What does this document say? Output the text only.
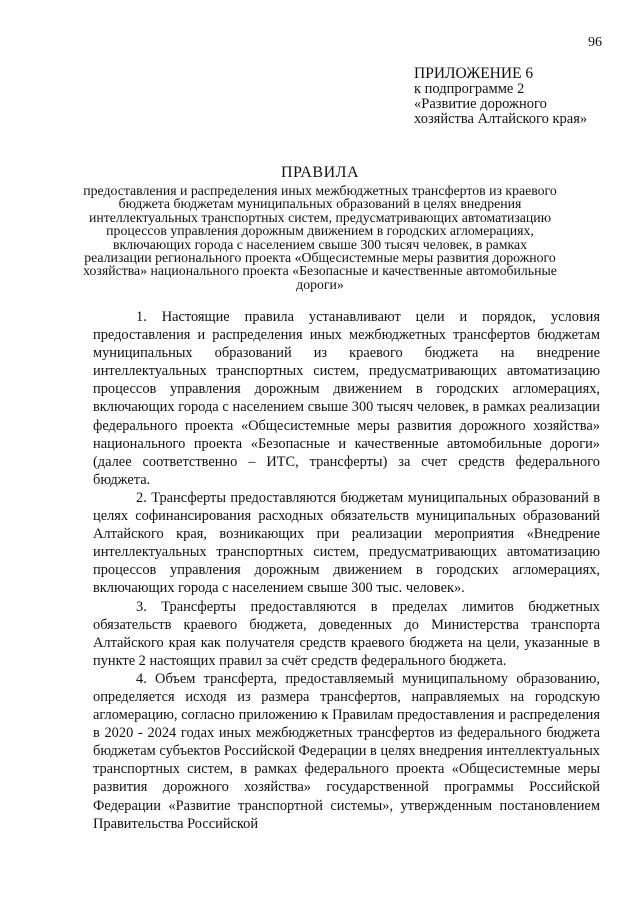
96
ПРИЛОЖЕНИЕ 6
к подпрограмме 2
«Развитие дорожного
хозяйства Алтайского края»
ПРАВИЛА
предоставления и распределения иных межбюджетных трансфертов из краевого бюджета бюджетам муниципальных образований в целях внедрения интеллектуальных транспортных систем, предусматривающих автоматизацию процессов управления дорожным движением в городских агломерациях, включающих города с населением свыше 300 тысяч человек, в рамках реализации регионального проекта «Общесистемные меры развития дорожного хозяйства» национального проекта «Безопасные и качественные автомобильные дороги»

1. Настоящие правила устанавливают цели и порядок, условия предоставления и распределения иных межбюджетных трансфертов бюджетам муниципальных образований из краевого бюджета на внедрение интеллектуальных транспортных систем, предусматривающих автоматизацию процессов управления дорожным движением в городских агломерациях, включающих города с населением свыше 300 тысяч человек, в рамках реализации федерального проекта «Общесистемные меры развития дорожного хозяйства» национального проекта «Безопасные и качественные автомобильные дороги» (далее соответственно – ИТС, трансферты) за счет средств федерального бюджета.

2. Трансферты предоставляются бюджетам муниципальных образований в целях софинансирования расходных обязательств муниципальных образований Алтайского края, возникающих при реализации мероприятия «Внедрение интеллектуальных транспортных систем, предусматривающих автоматизацию процессов управления дорожным движением в городских агломерациях, включающих города с населением свыше 300 тыс. человек».

3. Трансферты предоставляются в пределах лимитов бюджетных обязательств краевого бюджета, доведенных до Министерства транспорта Алтайского края как получателя средств краевого бюджета на цели, указанные в пункте 2 настоящих правил за счёт средств федерального бюджета.

4. Объем трансферта, предоставляемый муниципальному образованию, определяется исходя из размера трансфертов, направляемых на городскую агломерацию, согласно приложению к Правилам предоставления и распределения в 2020 - 2024 годах иных межбюджетных трансфертов из федерального бюджета бюджетам субъектов Российской Федерации в целях внедрения интеллектуальных транспортных систем, в рамках федерального проекта «Общесистемные меры развития дорожного хозяйства» государственной программы Российской Федерации «Развитие транспортной системы», утвержденным постановлением Правительства Российской
